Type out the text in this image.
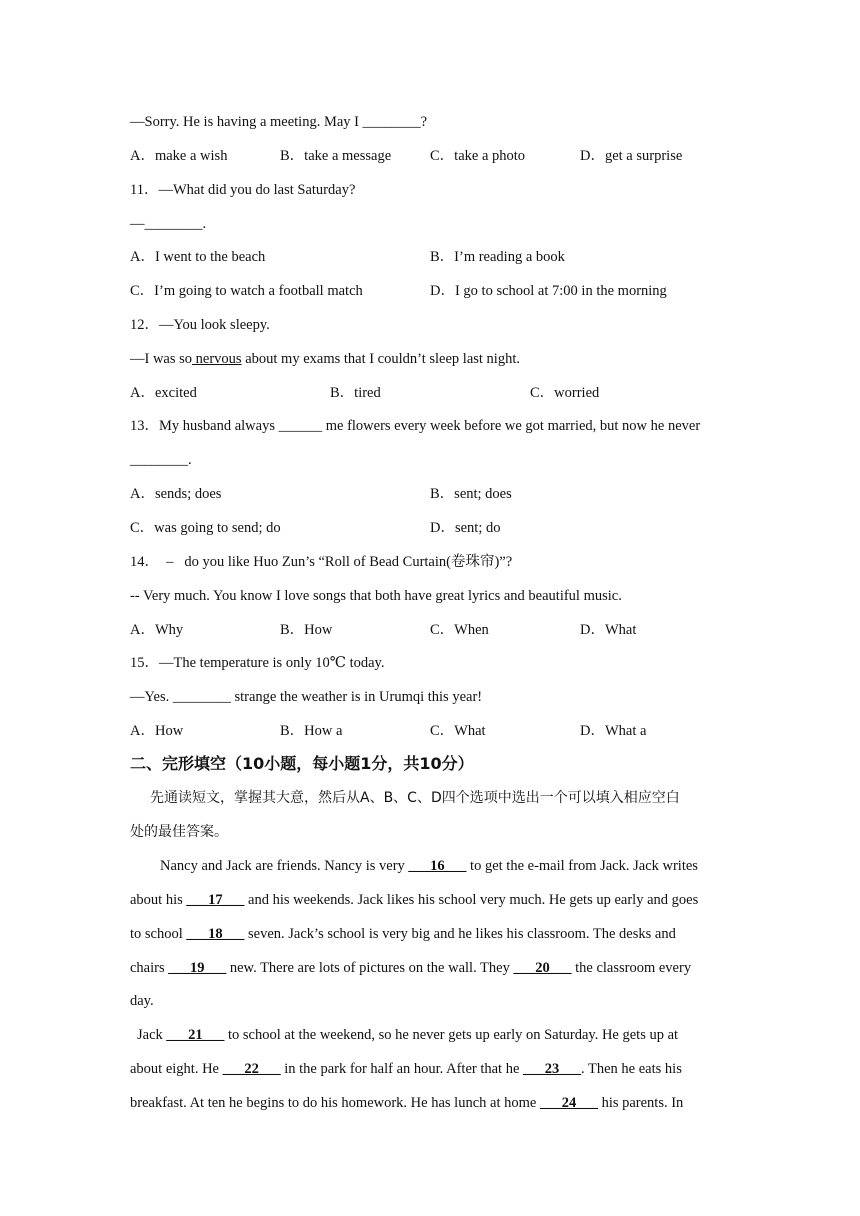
—Sorry. He is having a meeting. May I ________?
A．make a wish	B．take a message	C．take a photo	D．get a surprise
11．—What did you do last Saturday?
—________.
A．I went to the beach	B．I’m reading a book
C．I’m going to watch a football match	D．I go to school at 7:00 in the morning
12．—You look sleepy.
—I was so nervous about my exams that I couldn’t sleep last night.
A．excited	B．tired	C．worried
13．My husband always ______ me flowers every week before we got married, but now he never
________.
A．sends; does	B．sent; does
C．was going to send; do	D．sent; do
14．  –   do you like Huo Zun’s “Roll of Bead Curtain(卷珠帘)”?
-- Very much. You know I love songs that both have great lyrics and beautiful music.
A．Why	B．How	C．When	D．What
15．—The temperature is only 10℃ today.
—Yes. ________ strange the weather is in Urumqi this year!
A．How	B．How a	C．What	D．What a
二、完形填空（10小题，每小题1分，共10分）
先通读短文，掌握其大意，然后从A、B、C、D四个选项中选出一个可以填入相应空白
处的最佳答案。
Nancy and Jack are friends. Nancy is very ___16___ to get the e-mail from Jack. Jack writes
about his ___17___ and his weekends. Jack likes his school very much. He gets up early and goes
to school ___18___ seven. Jack’s school is very big and he likes his classroom. The desks and
chairs ___19___ new. There are lots of pictures on the wall. They ___20___ the classroom every
day.
Jack ___21___ to school at the weekend, so he never gets up early on Saturday. He gets up at
about eight. He ___22___ in the park for half an hour. After that he ___23___. Then he eats his
breakfast. At ten he begins to do his homework. He has lunch at home ___24___ his parents. In
